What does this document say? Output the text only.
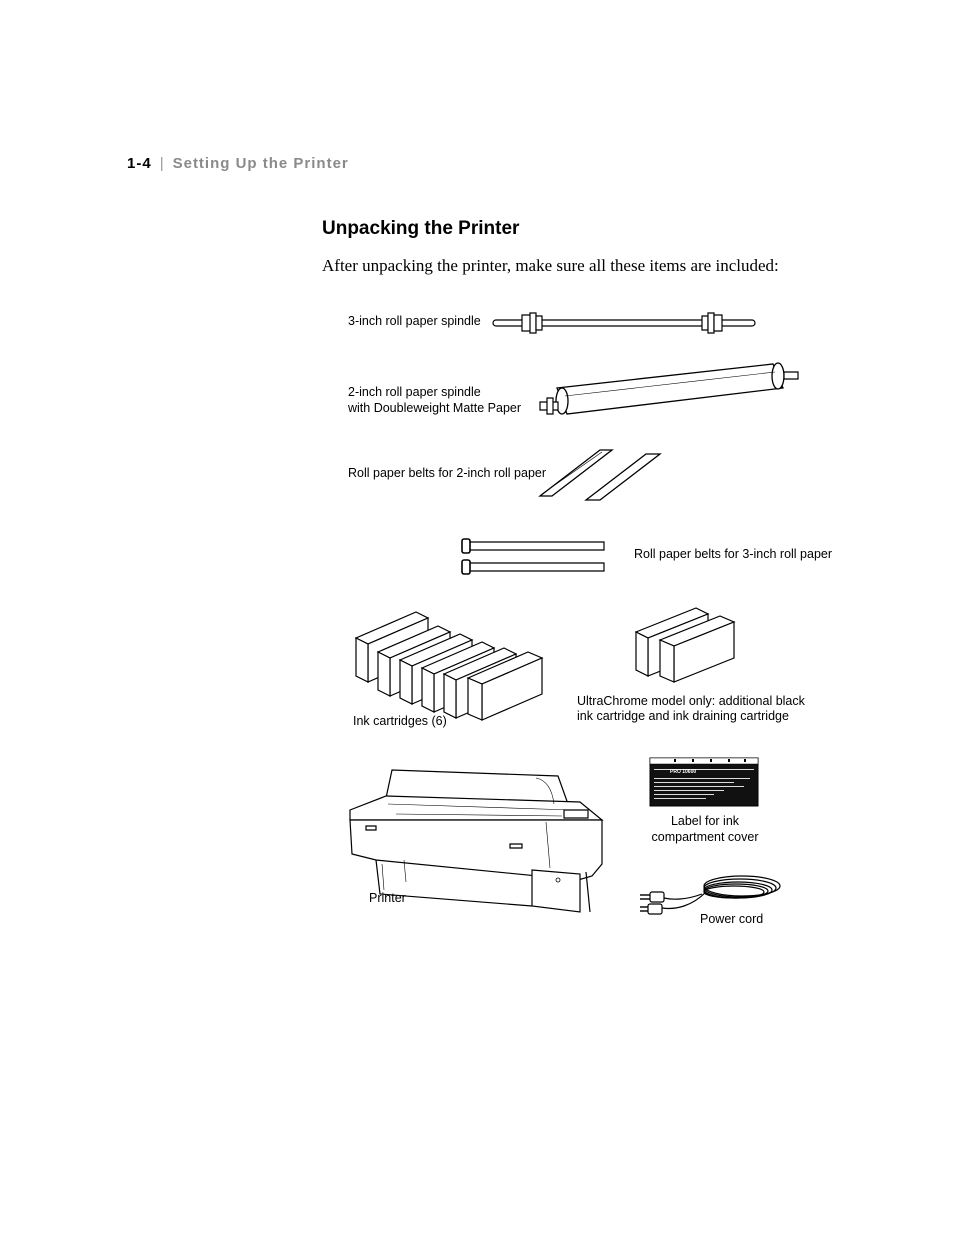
1-4 | Setting Up the Printer
Unpacking the Printer
After unpacking the printer, make sure all these items are included:
3-inch roll paper spindle
2-inch roll paper spindle
with Doubleweight Matte Paper
Roll paper belts for 2-inch roll paper
Roll paper belts for 3-inch roll paper
Ink cartridges (6)
UltraChrome model only: additional black
ink cartridge and ink draining cartridge
Printer
PRO 10600
Label for ink
compartment cover
Power cord
